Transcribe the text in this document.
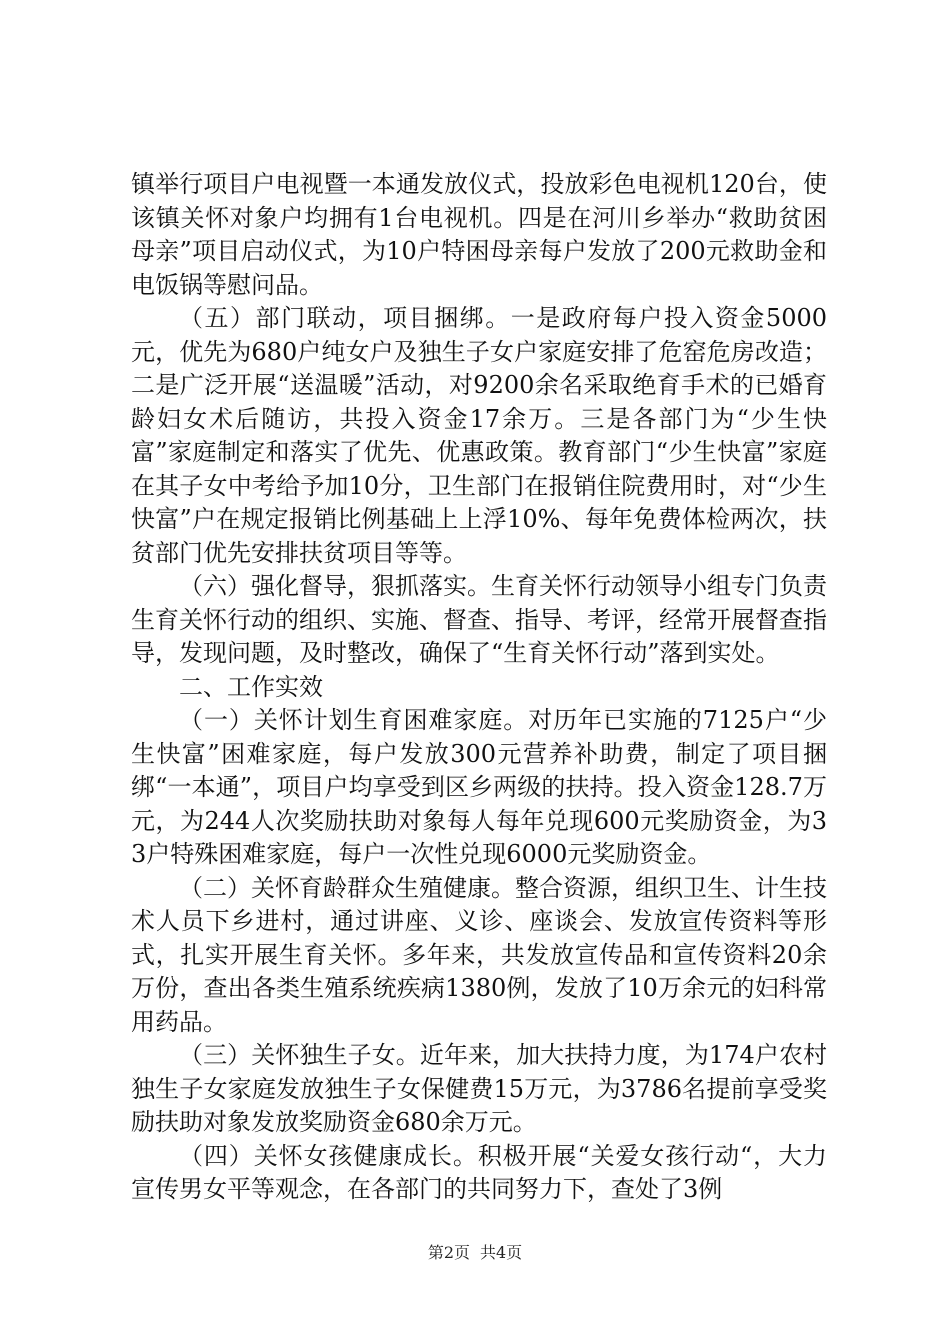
镇举行项目户电视暨一本通发放仪式，投放彩色电视机120台，使该镇关怀对象户均拥有1台电视机。四是在河川乡举办“救助贫困母亲”项目启动仪式，为10户特困母亲每户发放了200元救助金和电饭锅等慰问品。

（五）部门联动，项目捆绑。一是政府每户投入资金5000元，优先为680户纯女户及独生子女户家庭安排了危窑危房改造；二是广泛开展“送温暖”活动，对9200余名采取绝育手术的已婚育龄妇女术后随访，共投入资金17余万。三是各部门为“少生快富”家庭制定和落实了优先、优惠政策。教育部门“少生快富”家庭在其子女中考给予加10分，卫生部门在报销住院费用时，对“少生快富”户在规定报销比例基础上上浮10%、每年免费体检两次，扶贫部门优先安排扶贫项目等等。

（六）强化督导，狠抓落实。生育关怀行动领导小组专门负责生育关怀行动的组织、实施、督查、指导、考评，经常开展督查指导，发现问题，及时整改，确保了“生育关怀行动”落到实处。

二、工作实效

（一）关怀计划生育困难家庭。对历年已实施的7125户“少生快富”困难家庭，每户发放300元营养补助费，制定了项目捆绑“一本通”，项目户均享受到区乡两级的扶持。投入资金128.7万元，为244人次奖励扶助对象每人每年兑现600元奖励资金，为33户特殊困难家庭，每户一次性兑现6000元奖励资金。

（二）关怀育龄群众生殖健康。整合资源，组织卫生、计生技术人员下乡进村，通过讲座、义诊、座谈会、发放宣传资料等形式，扎实开展生育关怀。多年来，共发放宣传品和宣传资料20余万份，查出各类生殖系统疾病1380例，发放了10万余元的妇科常用药品。

（三）关怀独生子女。近年来，加大扶持力度，为174户农村独生子女家庭发放独生子女保健费15万元，为3786名提前享受奖励扶助对象发放奖励资金680余万元。

（四）关怀女孩健康成长。积极开展“关爱女孩行动“，大力宣传男女平等观念，在各部门的共同努力下，查处了3例

第2页 共4页
